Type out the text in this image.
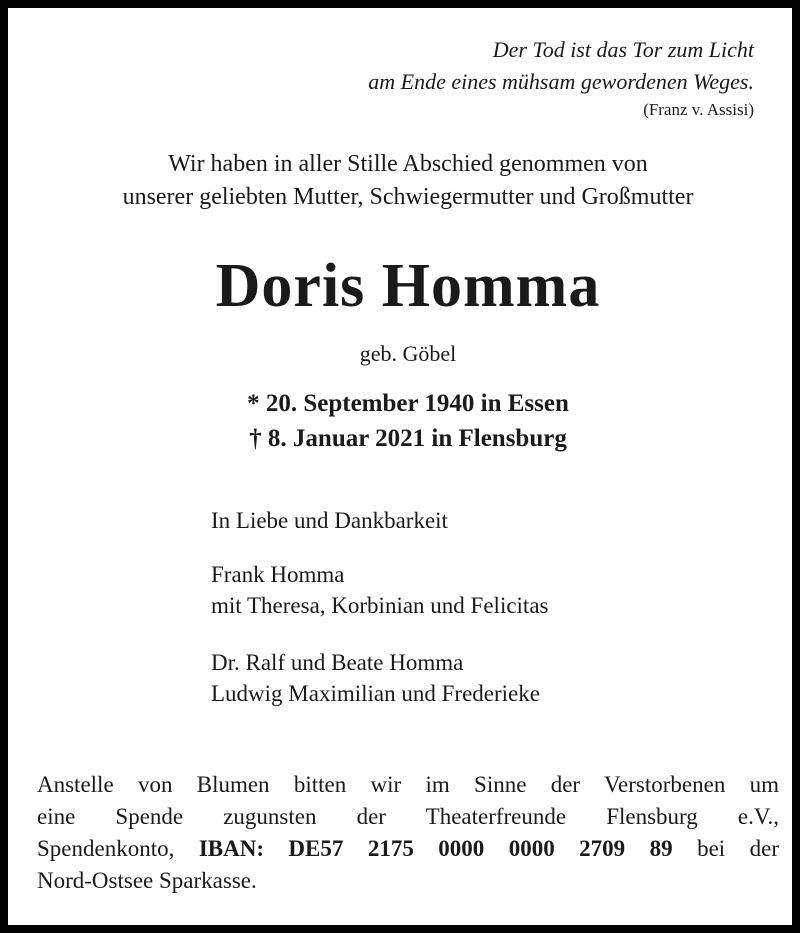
Der Tod ist das Tor zum Licht
am Ende eines mühsam gewordenen Weges.
(Franz v. Assisi)
Wir haben in aller Stille Abschied genommen von
unserer geliebten Mutter, Schwiegermutter und Großmutter
Doris Homma
geb. Göbel
* 20. September 1940 in Essen
† 8. Januar 2021 in Flensburg
In Liebe und Dankbarkeit
Frank Homma
mit Theresa, Korbinian und Felicitas
Dr. Ralf und Beate Homma
Ludwig Maximilian und Frederieke
Anstelle von Blumen bitten wir im Sinne der Verstorbenen um
eine Spende zugunsten der Theaterfreunde Flensburg e.V.,
Spendenkonto, IBAN: DE57 2175 0000 0000 2709 89 bei der
Nord-Ostsee Sparkasse.
